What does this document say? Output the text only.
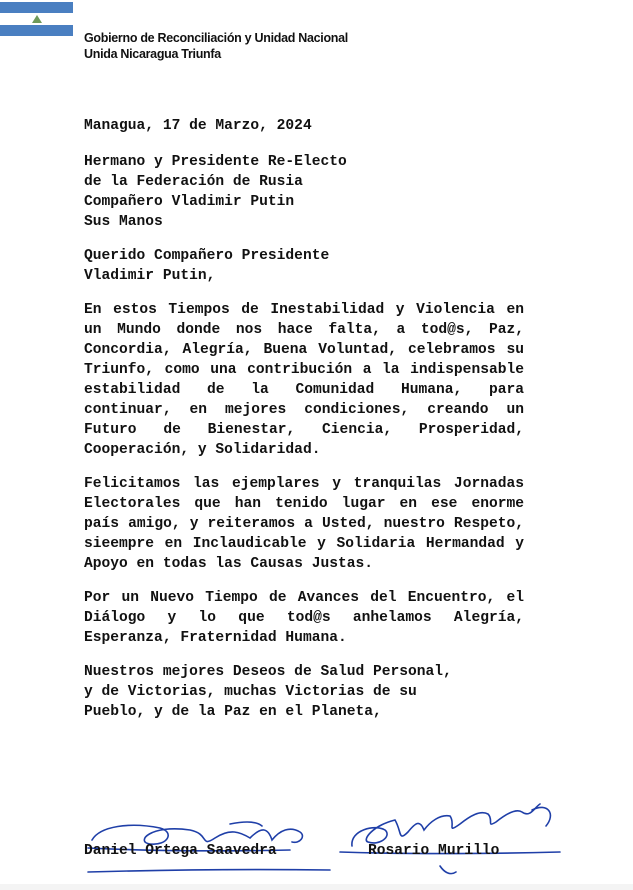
Gobierno de Reconciliación y Unidad Nacional
Unida Nicaragua Triunfa

Managua, 17 de Marzo, 2024

Hermano y Presidente Re-Electo
de la Federación de Rusia
Compañero Vladimir Putin
Sus Manos

Querido Compañero Presidente
Vladimir Putin,

En estos Tiempos de Inestabilidad y Violencia en un Mundo donde nos hace falta, a tod@s, Paz, Concordia, Alegría, Buena Voluntad, celebramos su Triunfo, como una contribución a la indispensable estabilidad de la Comunidad Humana, para continuar, en mejores condiciones, creando un Futuro de Bienestar, Ciencia, Prosperidad, Cooperación, y Solidaridad.

Felicitamos las ejemplares y tranquilas Jornadas Electorales que han tenido lugar en ese enorme país amigo, y reiteramos a Usted, nuestro Respeto, sieempre en Inclaudicable y Solidaria Hermandad y Apoyo en todas las Causas Justas.

Por un Nuevo Tiempo de Avances del Encuentro, el Diálogo y lo que tod@s anhelamos Alegría, Esperanza, Fraternidad Humana.

Nuestros mejores Deseos de Salud Personal,
y de Victorias, muchas Victorias de su
Pueblo, y de la Paz en el Planeta,

Daniel Ortega Saavedra	Rosario Murillo
